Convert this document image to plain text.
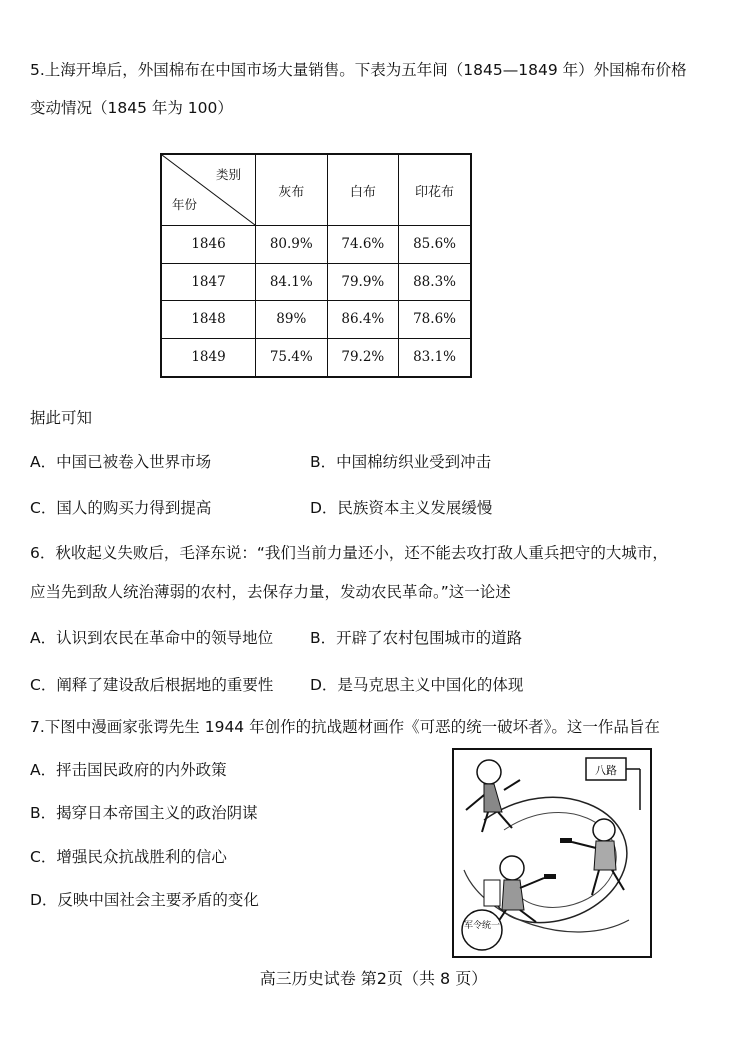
5.上海开埠后，外国棉布在中国市场大量销售。下表为五年间（1845—1849 年）外国棉布价格
变动情况（1845 年为 100）
类别
年份	灰布	白布	印花布
1846	80.9%	74.6%	85.6%
1847	84.1%	79.9%	88.3%
1848	89%	86.4%	78.6%
1849	75.4%	79.2%	83.1%
据此可知
A．中国已被卷入世界市场	B．中国棉纺织业受到冲击
C．国人的购买力得到提高	D．民族资本主义发展缓慢
6．秋收起义失败后，毛泽东说：“我们当前力量还小，还不能去攻打敌人重兵把守的大城市，
应当先到敌人统治薄弱的农村，去保存力量，发动农民革命。”这一论述
A．认识到农民在革命中的领导地位 B．开辟了农村包围城市的道路
C．阐释了建设敌后根据地的重要性 D．是马克思主义中国化的体现
7.下图中漫画家张谔先生 1944 年创作的抗战题材画作《可恶的统一破坏者》。这一作品旨在
A．抨击国民政府的内外政策
B．揭穿日本帝国主义的政治阴谋
C．增强民众抗战胜利的信心
D．反映中国社会主要矛盾的变化
八路
军令统一
高三历史试卷 第2页（共 8 页）
